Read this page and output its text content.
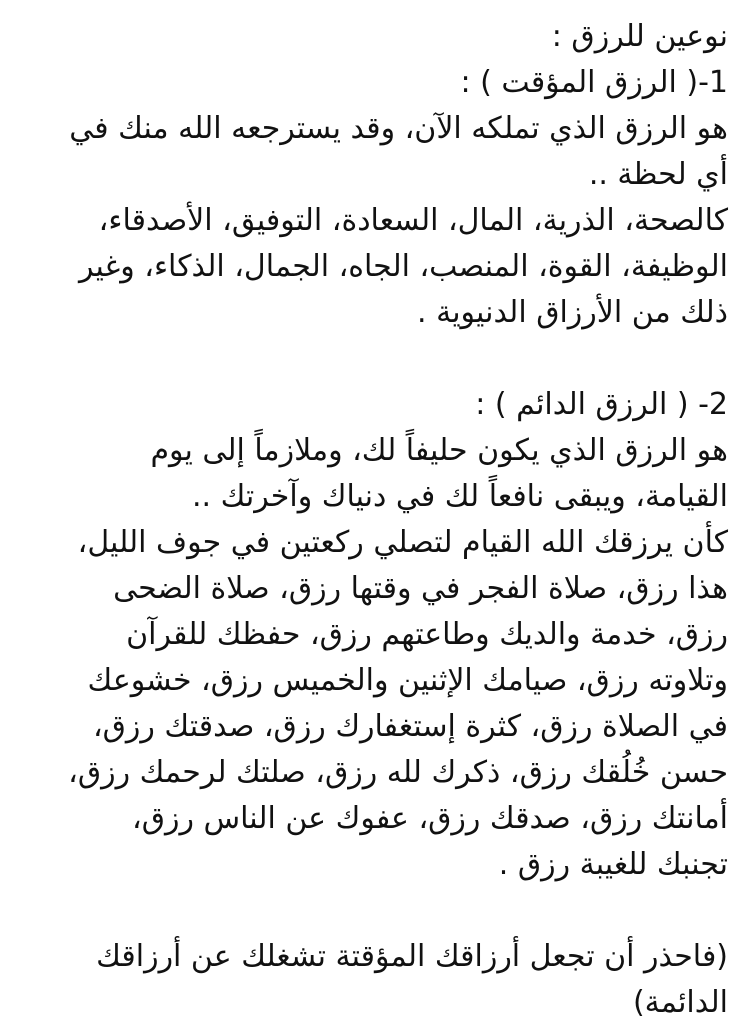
نوعين للرزق :
1-( الرزق المؤقت ) :
هو الرزق الذي تملكه الآن، وقد يسترجعه الله منك في
أي لحظة ..
كالصحة، الذرية، المال، السعادة، التوفيق، الأصدقاء،
الوظيفة، القوة، المنصب، الجاه، الجمال، الذكاء، وغير
ذلك من الأرزاق الدنيوية .
2- ( الرزق الدائم ) :
هو الرزق الذي يكون حليفاً لك، وملازماً إلى يوم
القيامة، ويبقى نافعاً لك في دنياك وآخرتك ..
كأن يرزقك الله القيام لتصلي ركعتين في جوف الليل،
هذا رزق، صلاة الفجر في وقتها رزق، صلاة الضحى
رزق، خدمة والديك وطاعتهم رزق، حفظك للقرآن
وتلاوته رزق، صيامك الإثنين والخميس رزق، خشوعك
في الصلاة رزق، كثرة إستغفارك رزق، صدقتك رزق،
حسن خُلُقك رزق، ذكرك لله رزق، صلتك لرحمك رزق،
أمانتك رزق، صدقك رزق، عفوك عن الناس رزق،
تجنبك للغيبة رزق .
(فاحذر أن تجعل أرزاقك المؤقتة تشغلك عن أرزاقك
الدائمة)
